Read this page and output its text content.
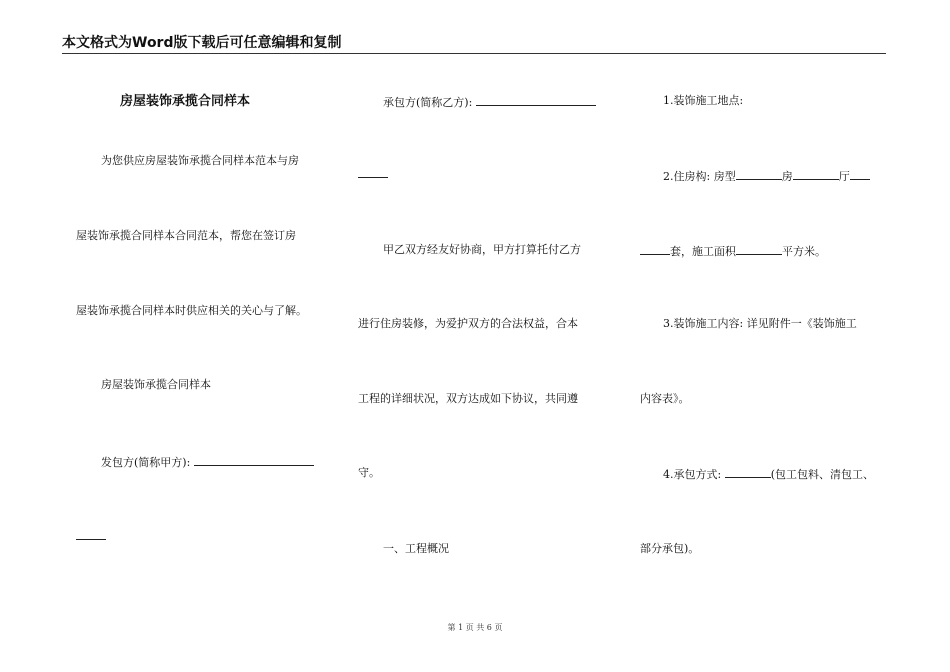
本文格式为Word版下载后可任意编辑和复制
房屋装饰承揽合同样本
为您供应房屋装饰承揽合同样本范本与房
屋装饰承揽合同样本合同范本，帮您在签订房
屋装饰承揽合同样本时供应相关的关心与了解。
房屋装饰承揽合同样本
发包方(简称甲方):
承包方(简称乙方):
甲乙双方经友好协商，甲方打算托付乙方
进行住房装修，为爱护双方的合法权益，合本
工程的详细状况，双方达成如下协议，共同遵
守。
一、工程概况
1.装饰施工地点:
2.住房构: 房型	房	厅
套，施工面积	平方米。
3.装饰施工内容: 详见附件一《装饰施工
内容表》。
4.承包方式:	(包工包料、清包工、
部分承包)。
第 1 页 共 6 页
